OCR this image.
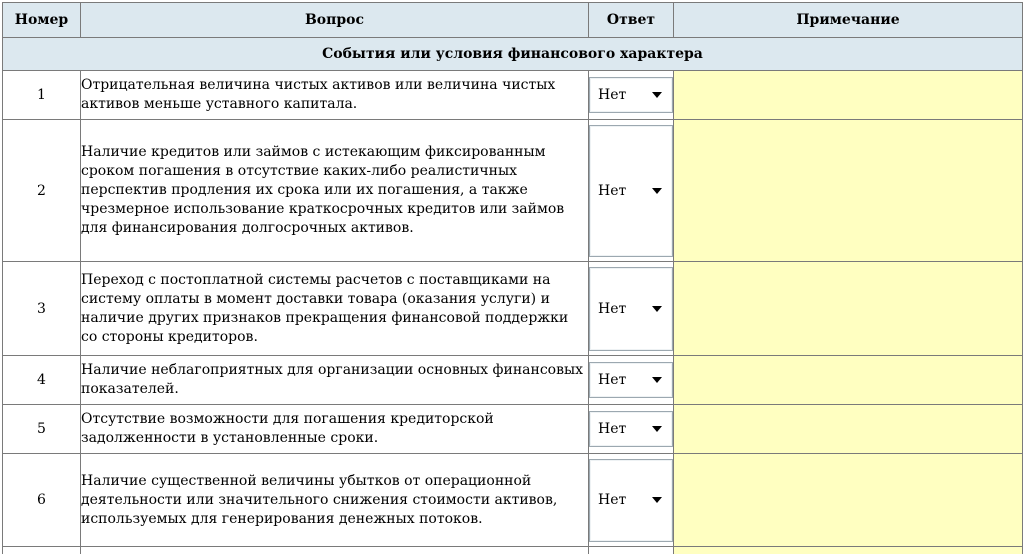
Номер	Вопрос	Ответ	Примечание
События или условия финансового характера			
1	Отрицательная величина чистых активов или величина чистых активов меньше уставного капитала.	Нет	

2	Наличие кредитов или займов с истекающим фиксированным сроком погашения в отсутствие каких-либо реалистичных перспектив продления их срока или их погашения, а также чрезмерное использование краткосрочных кредитов или займов для финансирования долгосрочных активов.	Нет	

3	Переход с постоплатной системы расчетов с поставщиками на систему оплаты в момент доставки товара (оказания услуги) и наличие других признаков прекращения финансовой поддержки со стороны кредиторов.	Нет	

4	Наличие неблагоприятных для организации основных финансовых показателей.	Нет	

5	Отсутствие возможности для погашения кредиторской задолженности в установленные сроки.	Нет	

6	Наличие существенной величины убытков от операционной деятельности или значительного снижения стоимости активов, используемых для генерирования денежных потоков.	Нет	
